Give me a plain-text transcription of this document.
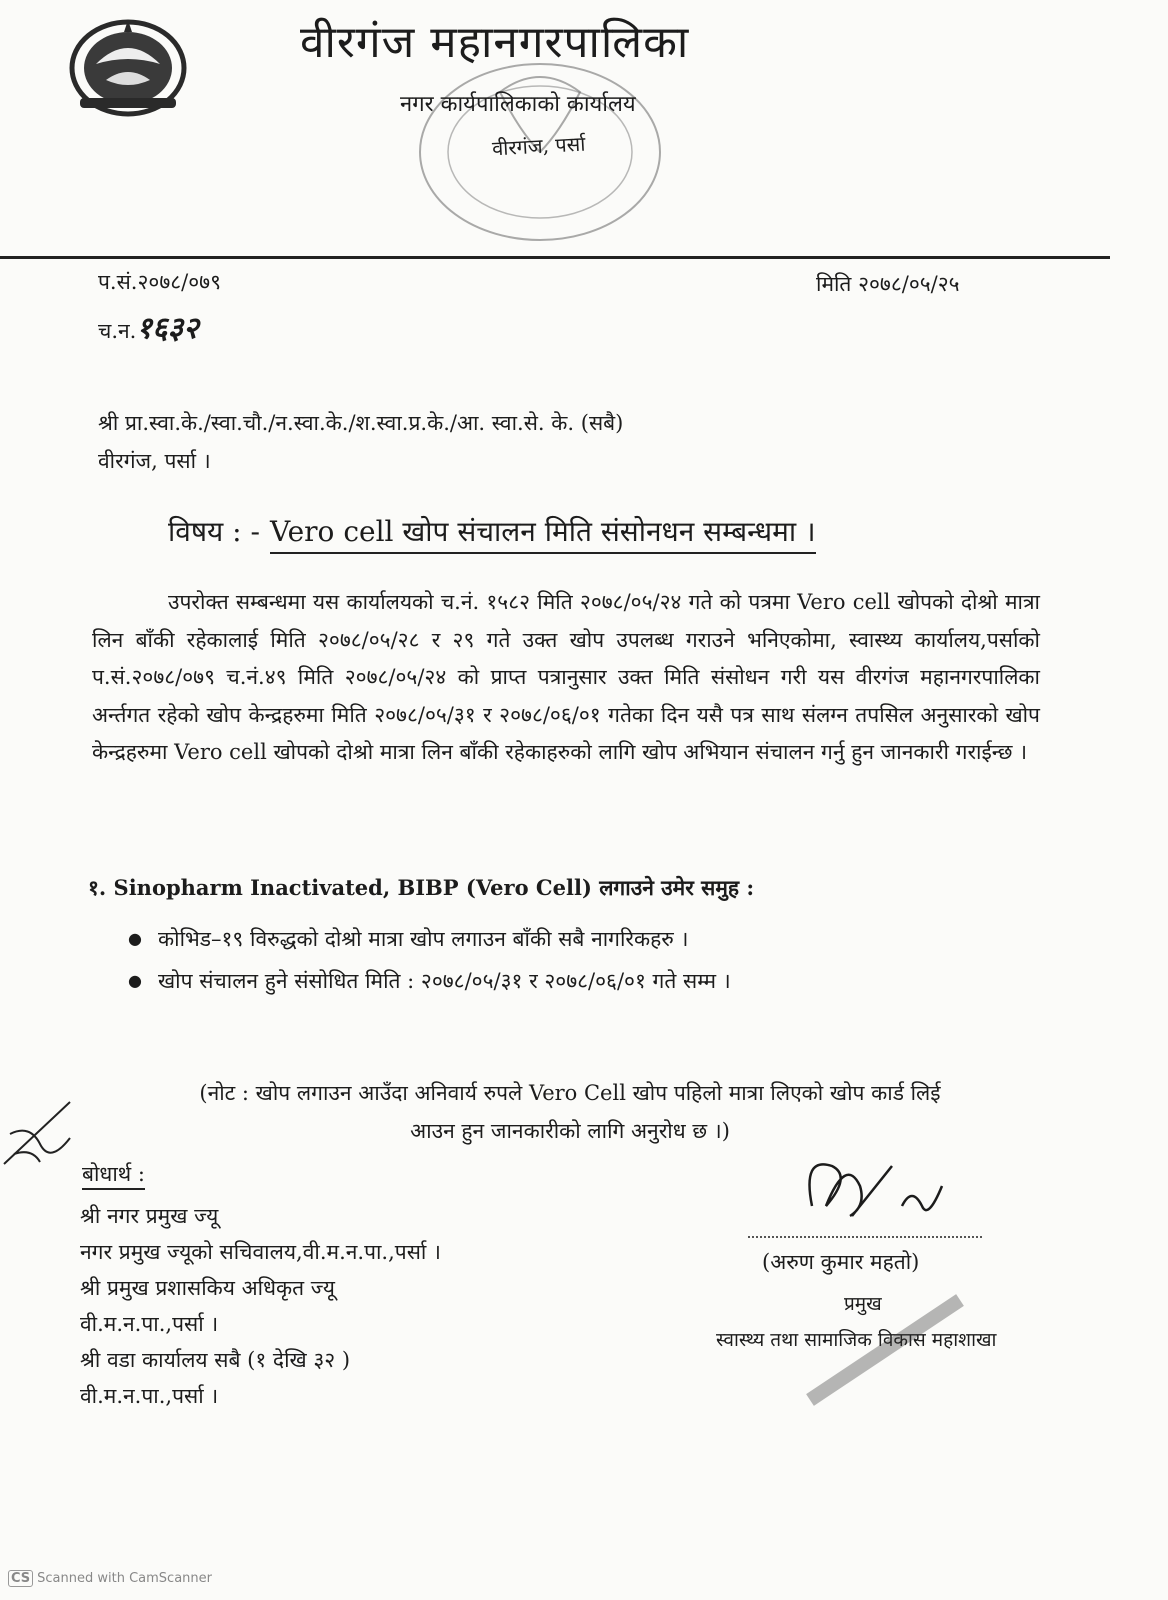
वीरगंज महानगरपालिका
नगर कार्यपालिकाको कार्यालय
वीरगंज, पर्सा
प.सं.२०७८/०७९
च.न.१६३२
मिति २०७८/०५/२५
श्री प्रा.स्वा.के./स्वा.चौ./न.स्वा.के./श.स्वा.प्र.के./आ. स्वा.से. के. (सबै)
वीरगंज, पर्सा ।
विषय : - Vero cell खोप संचालन मिति संसोनधन सम्बन्धमा ।
उपरोक्त सम्बन्धमा यस कार्यालयको च.नं. १५८२ मिति २०७८/०५/२४ गते को पत्रमा Vero cell खोपको दोश्रो मात्रा लिन बाँकी रहेकालाई मिति २०७८/०५/२८ र २९ गते उक्त खोप उपलब्ध गराउने भनिएकोमा, स्वास्थ्य कार्यालय,पर्साको प.सं.२०७८/०७९ च.नं.४९ मिति २०७८/०५/२४ को प्राप्त पत्रानुसार उक्त मिति संसोधन गरी यस वीरगंज महानगरपालिका अर्न्तगत रहेको खोप केन्द्रहरुमा मिति २०७८/०५/३१ र २०७८/०६/०१ गतेका दिन यसै पत्र साथ संलग्न तपसिल अनुसारको खोप केन्द्रहरुमा Vero cell खोपको दोश्रो मात्रा लिन बाँकी रहेकाहरुको लागि खोप अभियान संचालन गर्नु हुन जानकारी गराईन्छ ।
१. Sinopharm Inactivated, BIBP (Vero Cell) लगाउने उमेर समुह :
● कोभिड–१९ विरुद्धको दोश्रो मात्रा खोप लगाउन बाँकी सबै नागरिकहरु ।
● खोप संचालन हुने संसोधित मिति : २०७८/०५/३१ र २०७८/०६/०१ गते सम्म ।
(नोट : खोप लगाउन आउँदा अनिवार्य रुपले Vero Cell खोप पहिलो मात्रा लिएको खोप कार्ड लिई
आउन हुन जानकारीको लागि अनुरोध छ ।)
बोधार्थ :
श्री नगर प्रमुख ज्यू
नगर प्रमुख ज्यूको सचिवालय,वी.म.न.पा.,पर्सा ।
श्री प्रमुख प्रशासकिय अधिकृत ज्यू
वी.म.न.पा.,पर्सा ।
श्री वडा कार्यालय सबै (१ देखि ३२ )
वी.म.न.पा.,पर्सा ।
(अरुण कुमार महतो)
प्रमुख
स्वास्थ्य तथा सामाजिक विकास महाशाखा
CS Scanned with CamScanner
